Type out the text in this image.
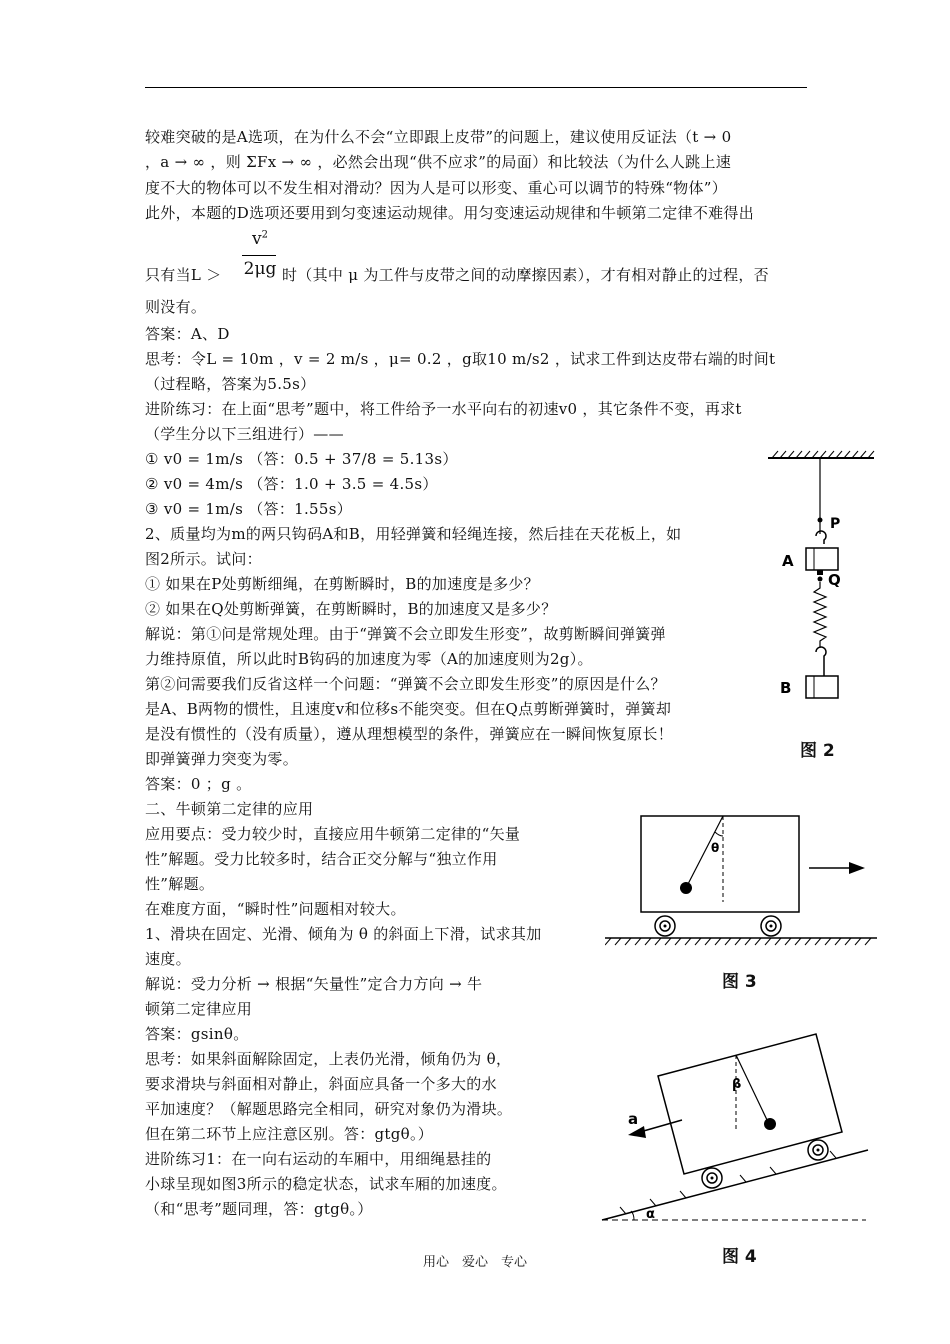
较难突破的是A选项，在为什么不会“立即跟上皮带”的问题上，建议使用反证法（t → 0
，a → ∞ ，则 ΣFx → ∞ ，必然会出现“供不应求”的局面）和比较法（为什么人跳上速
度不大的物体可以不发生相对滑动？因为人是可以形变、重心可以调节的特殊“物体”）
此外，本题的D选项还要用到匀变速运动规律。用匀变速运动规律和牛顿第二定律不难得出
$v^2$
2μg
只有当L ＞	时（其中 μ 为工件与皮带之间的动摩擦因素），才有相对静止的过程，否
则没有。
答案：A、D
思考：令L = 10m ，v = 2 m/s ，μ= 0.2 ，g取10 m/s2 ，试求工件到达皮带右端的时间t
（过程略，答案为5.5s）
进阶练习：在上面“思考”题中，将工件给予一水平向右的初速v0 ，其它条件不变，再求t
（学生分以下三组进行）——
① v0 = 1m/s （答：0.5 + 37/8 = 5.13s）
② v0 = 4m/s （答：1.0 + 3.5 = 4.5s）
③ v0 = 1m/s （答：1.55s）
2、质量均为m的两只钩码A和B，用轻弹簧和轻绳连接，然后挂在天花板上，如
图2所示。试问：
① 如果在P处剪断细绳，在剪断瞬时，B的加速度是多少？
② 如果在Q处剪断弹簧，在剪断瞬时，B的加速度又是多少？
解说：第①问是常规处理。由于“弹簧不会立即发生形变”，故剪断瞬间弹簧弹
力维持原值，所以此时B钩码的加速度为零（A的加速度则为2g）。
第②问需要我们反省这样一个问题：“弹簧不会立即发生形变”的原因是什么？
是A、B两物的惯性，且速度v和位移s不能突变。但在Q点剪断弹簧时，弹簧却
是没有惯性的（没有质量），遵从理想模型的条件，弹簧应在一瞬间恢复原长！
即弹簧弹力突变为零。
答案：0 ；g 。
二、牛顿第二定律的应用
应用要点：受力较少时，直接应用牛顿第二定律的“矢量
性”解题。受力比较多时，结合正交分解与“独立作用
性”解题。
在难度方面，“瞬时性”问题相对较大。
1、滑块在固定、光滑、倾角为 θ 的斜面上下滑，试求其加
速度。
解说：受力分析 → 根据“矢量性”定合力方向 → 牛
顿第二定律应用
答案：gsinθ。
思考：如果斜面解除固定，上表仍光滑，倾角仍为 θ，
要求滑块与斜面相对静止，斜面应具备一个多大的水
平加速度？（解题思路完全相同，研究对象仍为滑块。
但在第二环节上应注意区别。答：gtgθ。）
进阶练习1：在一向右运动的车厢中，用细绳悬挂的
小球呈现如图3所示的稳定状态，试求车厢的加速度。
（和“思考”题同理，答：gtgθ。）
P
A
Q
B
图 2
θ
图 3
β
a
α
图 4
用心　爱心　专心
